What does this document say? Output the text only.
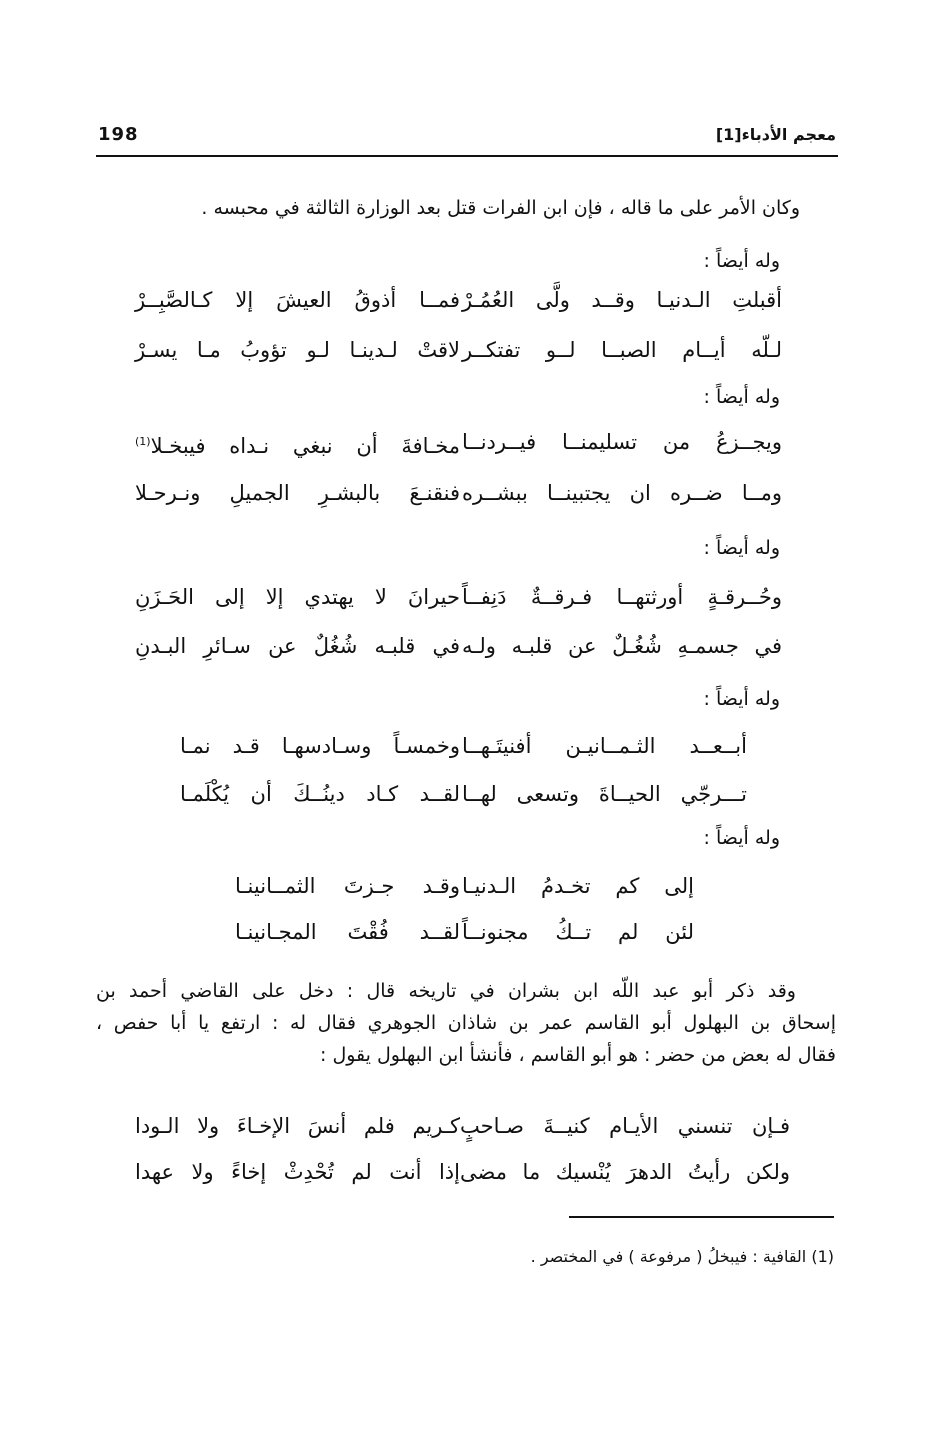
معجم الأدباء[1]
198
وكان الأمر على ما قاله ، فإن ابن الفرات قتل بعد الوزارة الثالثة في محبسه .
وله أيضاً :
أقبلتِ الـدنيـا وقــد ولَّى العُمُـرْ
فمــا أذوقُ العيشَ إلا كـالصَّبِــرْ
لـلّه أيــام الصبــا لــو تفتكــر
لاقتْ لـدينـا لـو تؤوبُ مـا يسـرْ
وله أيضاً :
ويجــزعُ من تسليمنــا فيــردنــا
مخـافةَ أن نبغي نـداه فيبخـلا$^{(1)}$
ومــا ضــره ان يجتبينــا ببشــره
فنقنـعَ بالبشـرِ الجميلِ ونـرحـلا
وله أيضاً :
وحُــرقـةٍ أورثتهــا فـرقــةٌ دَنِفــاً
حيرانَ لا يهتدي إلا إلى الحَـزَنِ
في جسمـهِ شُغُـلٌ عن قلبـه ولـه
في قلبـه شُغُلٌ عن سـائرِ البـدنِ
وله أيضاً :
أبــعــد الثـمــانيـن أفنيتَـهــا
وخمسـاً وسـادسهـا قـد نمـا
تـــرجّي الحيــاةَ وتسعى لهــا
لقــد كـاد دينُــكَ أن يُكْلَمـا
وله أيضاً :
إلى كم تخـدمُ الـدنيـا
وقـد جـزتَ الثمــانينـا
لئن لم تــكُ مجنونــاً
لقــد فُقْتَ المجـانينـا
وقد ذكر أبو عبد اللّه ابن بشران في تاريخه قال : دخل على القاضي أحمد بن
إسحاق بن البهلول أبو القاسم عمر بن شاذان الجوهري فقال له : ارتفع يا أبا حفص ،
فقال له بعض من حضر : هو أبو القاسم ، فأنشأ ابن البهلول يقول :
فـإن تنسني الأيـام كنيــةَ صـاحبٍ
كـريم فلم أنسَ الإخـاءَ ولا الـودا
ولكن رأيتُ الدهرَ يُنْسيك ما مضى
إذا أنت لم تُحْدِثْ إخاءً ولا عهدا
(1) القافية : فيبخلُ ( مرفوعة ) في المختصر .
